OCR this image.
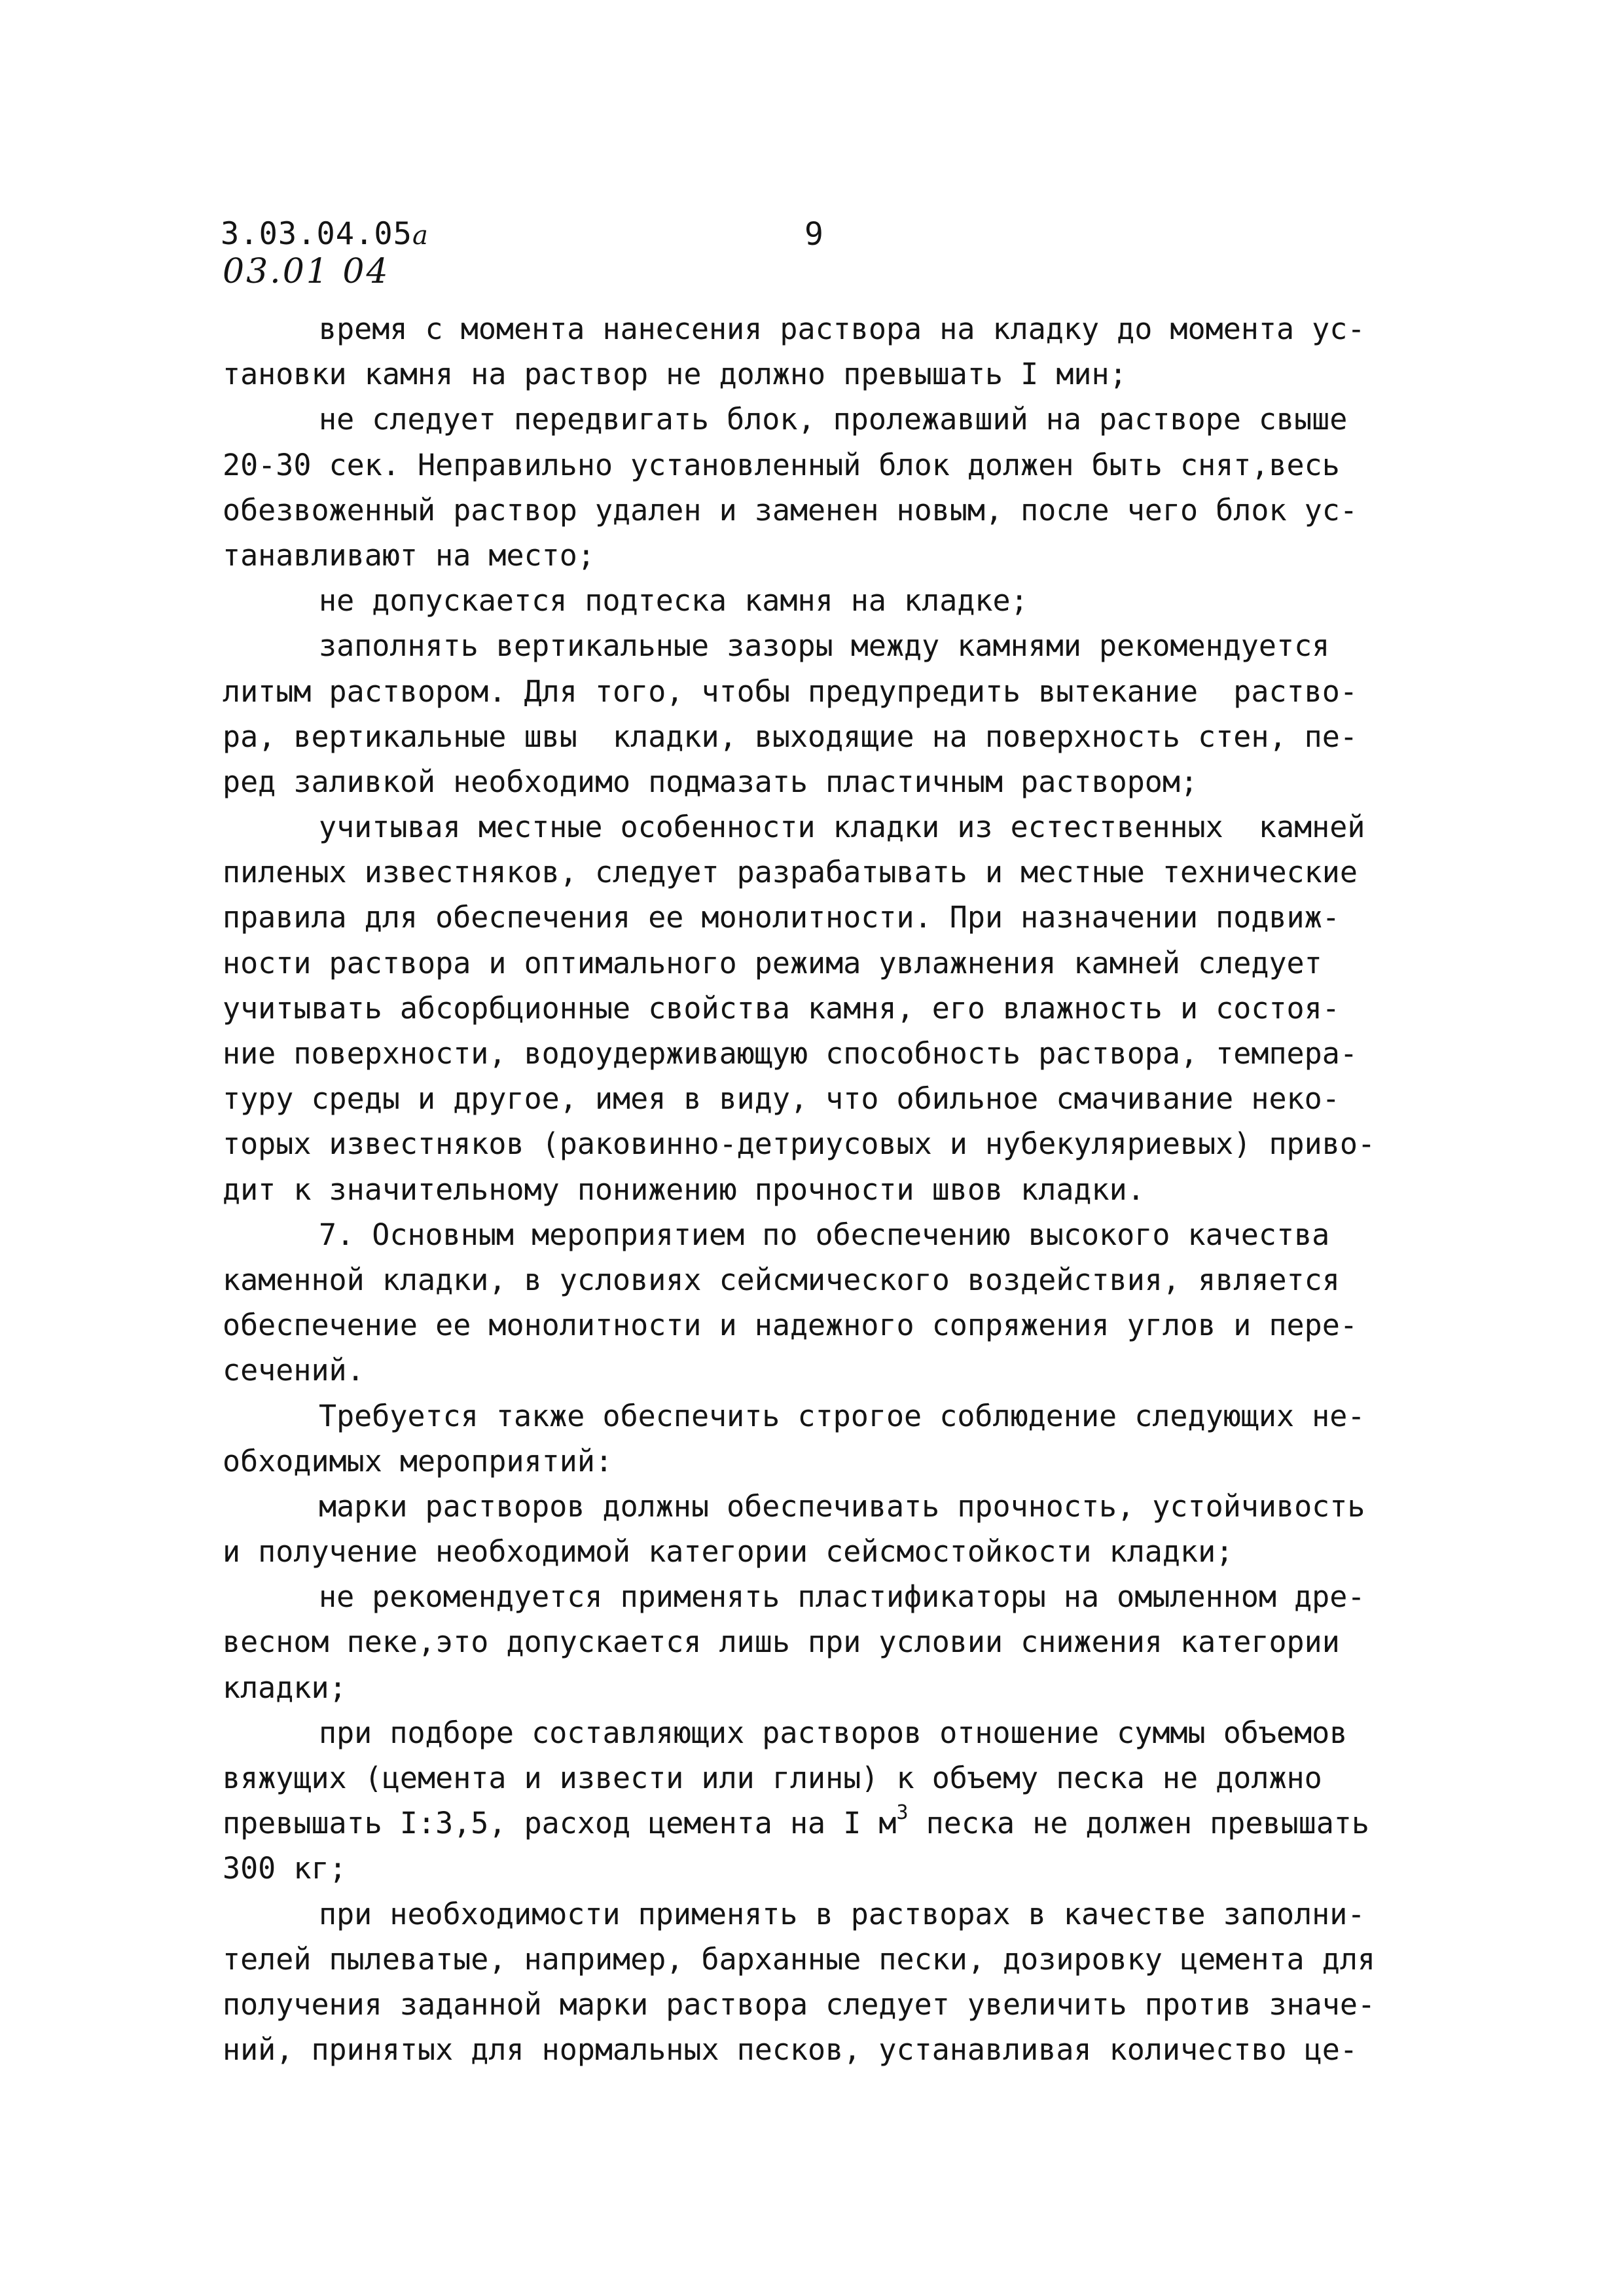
3.03.04.05а
03.01 04
9
время с момента нанесения раствора на кладку до момента ус-
тановки камня на раствор не должно превышать I мин;
не следует передвигать блок, пролежавший на растворе свыше
20-30 сек. Неправильно установленный блок должен быть снят,весь
обезвоженный раствор удален и заменен новым, после чего блок ус-
танавливают на место;
не допускается подтеска камня на кладке;
заполнять вертикальные зазоры между камнями рекомендуется
литым раствором. Для того, чтобы предупредить вытекание  раство-
ра, вертикальные швы  кладки, выходящие на поверхность стен, пе-
ред заливкой необходимо подмазать пластичным раствором;
учитывая местные особенности кладки из естественных  камней
пиленых известняков, следует разрабатывать и местные технические
правила для обеспечения ее монолитности. При назначении подвиж-
ности раствора и оптимального режима увлажнения камней следует
учитывать абсорбционные свойства камня, его влажность и состоя-
ние поверхности, водоудерживающую способность раствора, темпера-
туру среды и другое, имея в виду, что обильное смачивание неко-
торых известняков (раковинно-детриусовых и нубекуляриевых) приво-
дит к значительному понижению прочности швов кладки.
7. Основным мероприятием по обеспечению высокого качества
каменной кладки, в условиях сейсмического воздействия, является
обеспечение ее монолитности и надежного сопряжения углов и пере-
сечений.
Требуется также обеспечить строгое соблюдение следующих не-
обходимых мероприятий:
марки растворов должны обеспечивать прочность, устойчивость
и получение необходимой категории сейсмостойкости кладки;
не рекомендуется применять пластификаторы на омыленном дре-
весном пеке,это допускается лишь при условии снижения категории
кладки;
при подборе составляющих растворов отношение суммы объемов
вяжущих (цемента и извести или глины) к объему песка не должно
превышать I:3,5, расход цемента на I $м^3$ песка не должен превышать
300 кг;
при необходимости применять в растворах в качестве заполни-
телей пылеватые, например, барханные пески, дозировку цемента для
получения заданной марки раствора следует увеличить против значе-
ний, принятых для нормальных песков, устанавливая количество це-
